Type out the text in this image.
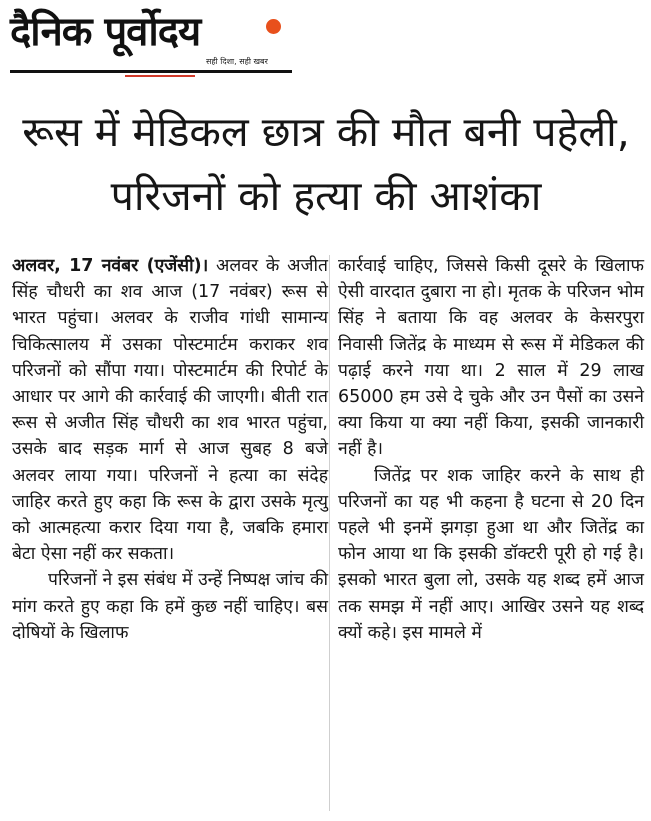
दैनिक पूर्वोदय
सही दिशा, सही खबर
रूस में मेडिकल छात्र की मौत बनी पहेली, परिजनों को हत्या की आशंका

अलवर, 17 नवंबर (एजेंसी)। अलवर के अजीत सिंह चौधरी का शव आज (17 नवंबर) रूस से भारत पहुंचा। अलवर के राजीव गांधी सामान्य चिकित्सालय में उसका पोस्टमार्टम कराकर शव परिजनों को सौंपा गया। पोस्टमार्टम की रिपोर्ट के आधार पर आगे की कार्रवाई की जाएगी। बीती रात रूस से अजीत सिंह चौधरी का शव भारत पहुंचा, उसके बाद सड़क मार्ग से आज सुबह 8 बजे अलवर लाया गया। परिजनों ने हत्या का संदेह जाहिर करते हुए कहा कि रूस के द्वारा उसके मृत्यु को आत्महत्या करार दिया गया है, जबकि हमारा बेटा ऐसा नहीं कर सकता।

परिजनों ने इस संबंध में उन्हें निष्पक्ष जांच की मांग करते हुए कहा कि हमें कुछ नहीं चाहिए। बस दोषियों के खिलाफ

कार्रवाई चाहिए, जिससे किसी दूसरे के खिलाफ ऐसी वारदात दुबारा ना हो। मृतक के परिजन भोम सिंह ने बताया कि वह अलवर के केसरपुरा निवासी जितेंद्र के माध्यम से रूस में मेडिकल की पढ़ाई करने गया था। 2 साल में 29 लाख 65000 हम उसे दे चुके और उन पैसों का उसने क्या किया या क्या नहीं किया, इसकी जानकारी नहीं है।

जितेंद्र पर शक जाहिर करने के साथ ही परिजनों का यह भी कहना है घटना से 20 दिन पहले भी इनमें झगड़ा हुआ था और जितेंद्र का फोन आया था कि इसकी डॉक्टरी पूरी हो गई है। इसको भारत बुला लो, उसके यह शब्द हमें आज तक समझ में नहीं आए। आखिर उसने यह शब्द क्यों कहे। इस मामले में
